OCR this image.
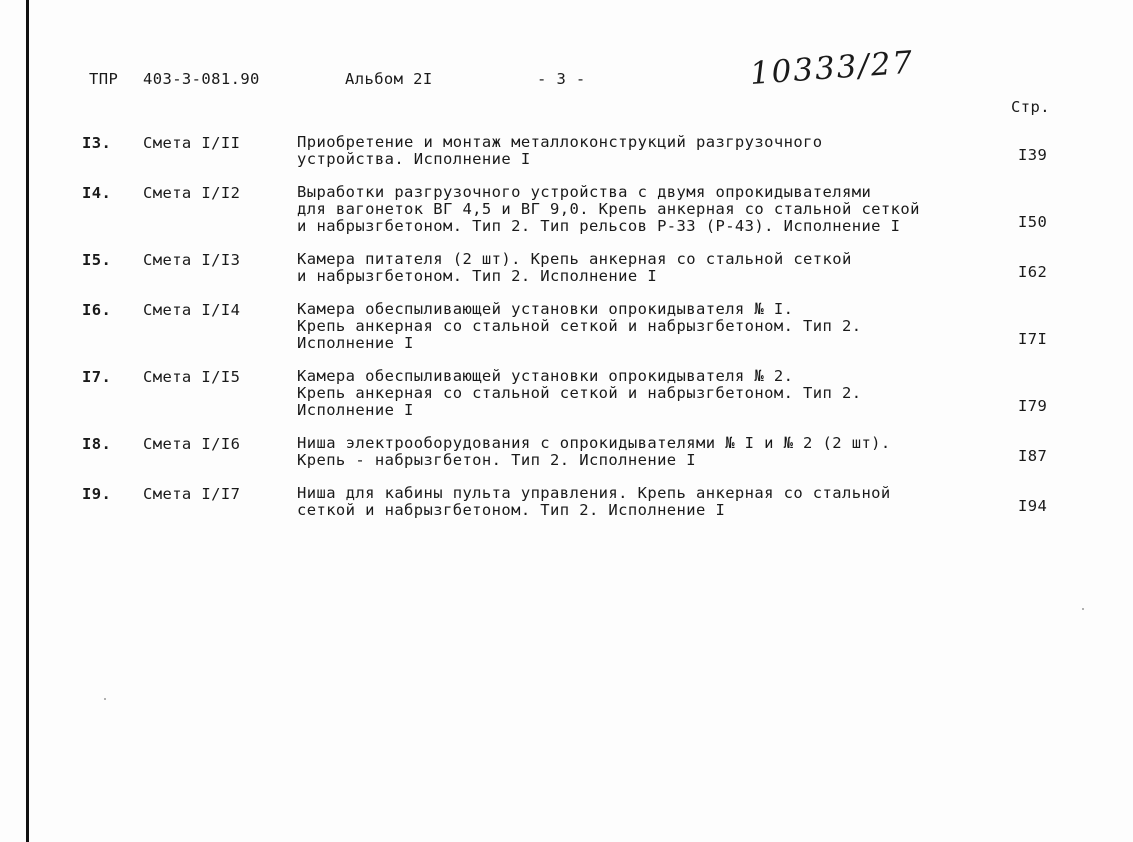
ТПР 403-3-081.90	Альбом 2I	- 3 -	10333/27
Стр.
I3. Смета I/II	Приобретение и монтаж металлоконструкций разгрузочного
устройства. Исполнение I	I39
I4. Смета I/I2	Выработки разгрузочного устройства с двумя опрокидывателями
для вагонеток ВГ 4,5 и ВГ 9,0. Крепь анкерная со стальной сеткой
и набрызгбетоном. Тип 2. Тип рельсов Р-33 (Р-43). Исполнение I	I50
I5. Смета I/I3	Камера питателя (2 шт). Крепь анкерная со стальной сеткой
и набрызгбетоном. Тип 2. Исполнение I	I62
I6. Смета I/I4	Камера обеспыливающей установки опрокидывателя № I.
Крепь анкерная со стальной сеткой и набрызгбетоном. Тип 2.
Исполнение I	I7I
I7. Смета I/I5	Камера обеспыливающей установки опрокидывателя № 2.
Крепь анкерная со стальной сеткой и набрызгбетоном. Тип 2.
Исполнение I	I79
I8. Смета I/I6	Ниша электрооборудования с опрокидывателями № I и № 2 (2 шт).
Крепь - набрызгбетон. Тип 2. Исполнение I	I87
I9. Смета I/I7	Ниша для кабины пульта управления. Крепь анкерная со стальной
сеткой и набрызгбетоном. Тип 2. Исполнение I	I94
